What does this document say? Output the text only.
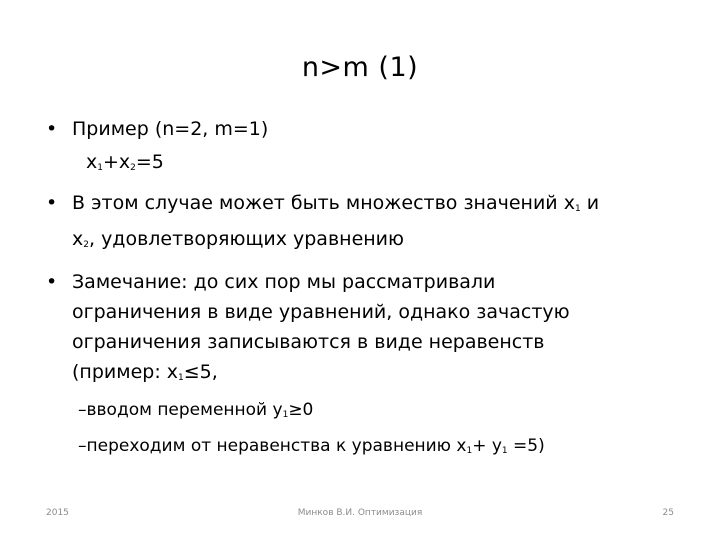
n>m (1)
• Пример (n=2, m=1)
$x_1+x_2=5$
• В этом случае может быть множество значений $x_1$ и
$x_2$, удовлетворяющих уравнению
• Замечание: до сих пор мы рассматривали
ограничения в виде уравнений, однако зачастую
ограничения записываются в виде неравенств
(пример: $x_1\le 5$,
–вводом переменной $y_1\ge 0$
–переходим от неравенства к уравнению $x_1+ y_1 =5$)
2015	Минков В.И. Оптимизация	25
